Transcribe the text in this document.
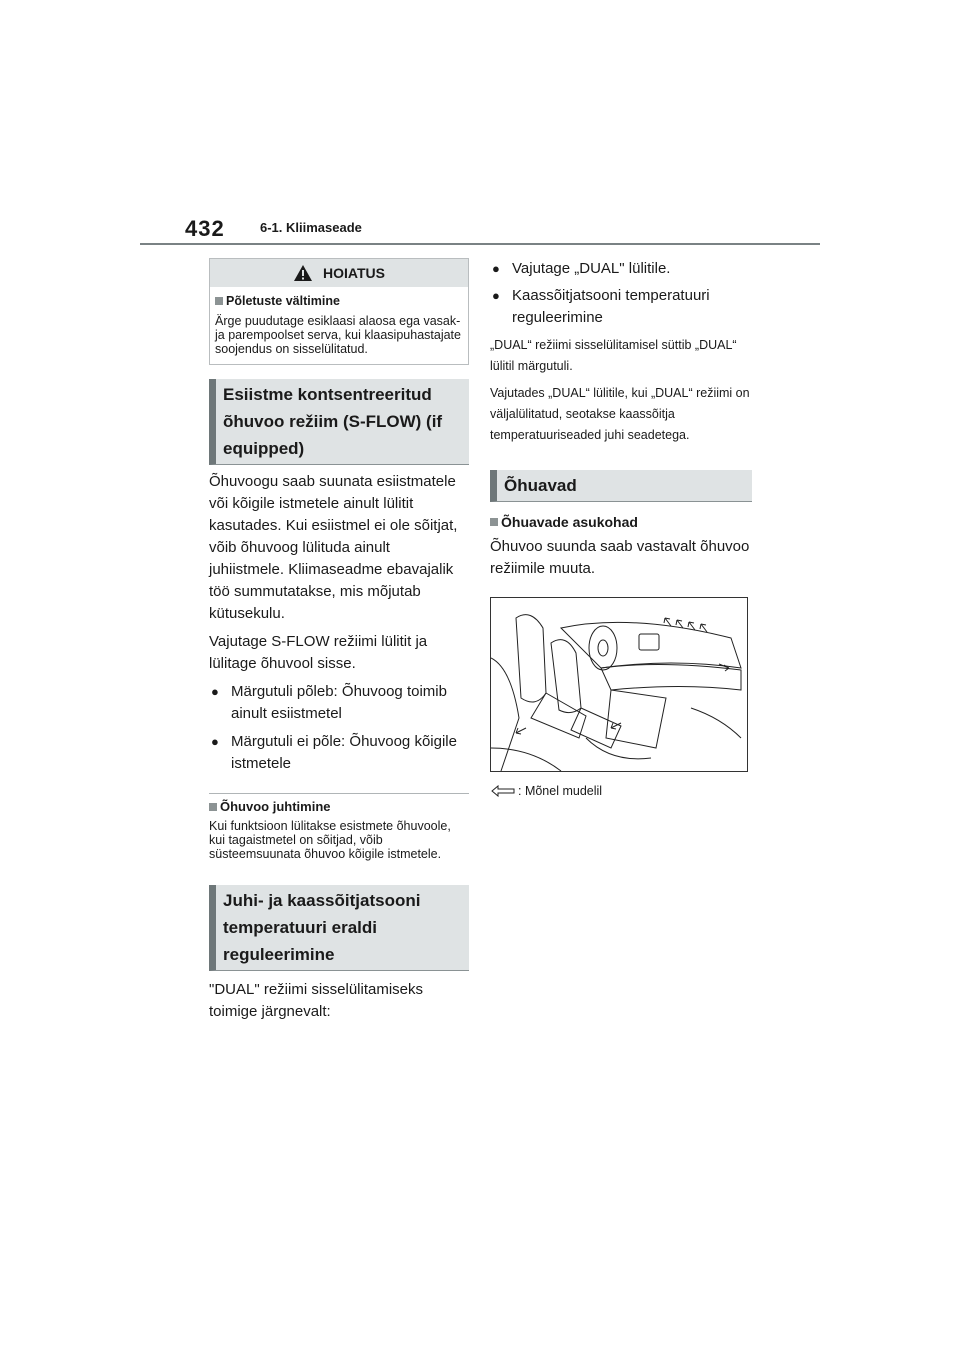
432	6-1. Kliimaseade
HOIATUS
Põletuste vältimine
Ärge puudutage esiklaasi alaosa ega vasak- ja parempoolset serva, kui klaasipuhastajate soojendus on sisselülitatud.
Esiistme kontsentreeritud õhuvoo režiim (S-FLOW) (if equipped)
Õhuvoogu saab suunata esiistmatele või kõigile istmetele ainult lülitit kasutades. Kui esiistmel ei ole sõitjat, võib õhuvoog lülituda ainult juhiistmele. Kliimaseadme ebavajalik töö summutatakse, mis mõjutab kütusekulu.
Vajutage S-FLOW režiimi lülitit ja lülitage õhuvool sisse.
● Märgutuli põleb: Õhuvoog toimib ainult esiistmetel
● Märgutuli ei põle: Õhuvoog kõigile istmetele
Õhuvoo juhtimine
Kui funktsioon lülitakse esistmete õhuvoole, kui tagaistmetel on sõitjad, võib süsteemsuunata õhuvoo kõigile istmetele.
Juhi- ja kaassõitjatsooni temperatuuri eraldi reguleerimine
"DUAL" režiimi sisselülitamiseks toimige järgnevalt:
● Vajutage „DUAL" lülitile.
● Kaassõitjatsooni temperatuuri reguleerimine
„DUAL“ režiimi sisselülitamisel süttib „DUAL“ lülitil märgutuli.
Vajutades „DUAL“ lülitile, kui „DUAL“ režiimi on väljalülitatud, seotakse kaassõitja temperatuuriseaded juhi seadetega.
Õhuavad
Õhuavade asukohad
Õhuvoo suunda saab vastavalt õhuvoo režiimile muuta.
: Mõnel mudelil
